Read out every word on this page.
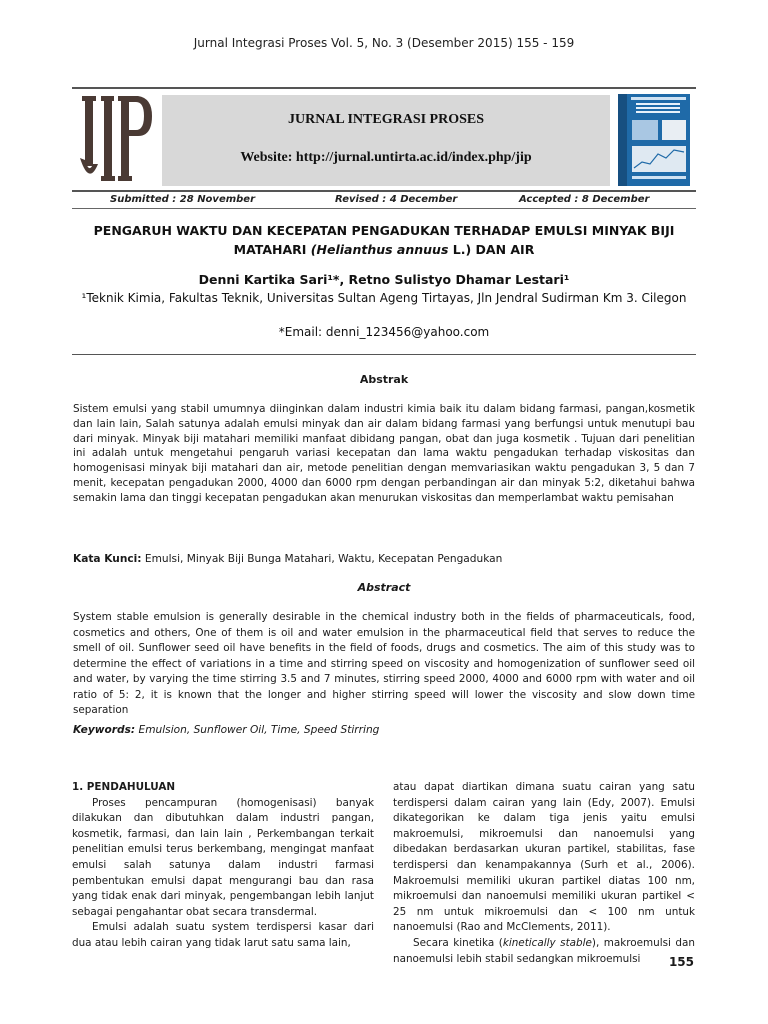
Jurnal Integrasi Proses Vol. 5, No. 3 (Desember 2015) 155 - 159
JURNAL INTEGRASI PROSES
Website: http://jurnal.untirta.ac.id/index.php/jip
Submitted : 28 November	Revised : 4 December	Accepted : 8 December
PENGARUH WAKTU DAN KECEPATAN PENGADUKAN TERHADAP EMULSI MINYAK BIJI
MATAHARI (Helianthus annuus L.) DAN AIR
Denni Kartika Sari¹*, Retno Sulistyo Dhamar Lestari¹
¹Teknik Kimia, Fakultas Teknik, Universitas Sultan Ageng Tirtayas, Jln Jendral Sudirman Km 3. Cilegon
*Email: denni_123456@yahoo.com
Abstrak
Sistem emulsi yang stabil umumnya diinginkan dalam industri kimia baik itu dalam bidang farmasi, pangan,kosmetik dan lain lain, Salah satunya adalah emulsi minyak dan air dalam bidang farmasi yang berfungsi untuk menutupi bau dari minyak. Minyak biji matahari memiliki manfaat dibidang pangan, obat dan juga kosmetik . Tujuan dari penelitian ini adalah untuk mengetahui pengaruh variasi kecepatan dan lama waktu pengadukan terhadap viskositas dan homogenisasi minyak biji matahari dan air, metode penelitian dengan memvariasikan waktu pengadukan 3, 5 dan 7 menit, kecepatan pengadukan 2000, 4000 dan 6000 rpm dengan perbandingan air dan minyak 5:2, diketahui bahwa semakin lama dan tinggi kecepatan pengadukan akan menurukan viskositas dan memperlambat waktu pemisahan
Kata Kunci: Emulsi, Minyak Biji Bunga Matahari, Waktu, Kecepatan Pengadukan
Abstract
System stable emulsion is generally desirable in the chemical industry both in the fields of pharmaceuticals, food, cosmetics and others, One of them is oil and water emulsion in the pharmaceutical field that serves to reduce the smell of oil. Sunflower seed oil have benefits in the field of foods, drugs and cosmetics. The aim of this study was to determine the effect of variations in a time and stirring speed on viscosity and homogenization of sunflower seed oil and water, by varying the time stirring 3.5 and 7 minutes, stirring speed 2000, 4000 and 6000 rpm with water and oil ratio of 5: 2, it is known that the longer and higher stirring speed will lower the viscosity and slow down time separation
Keywords: Emulsion, Sunflower Oil, Time, Speed Stirring
1. PENDAHULUAN

Proses pencampuran (homogenisasi) banyak dilakukan dan dibutuhkan dalam industri pangan, kosmetik, farmasi, dan lain lain , Perkembangan terkait penelitian emulsi terus berkembang, mengingat manfaat emulsi salah satunya dalam industri farmasi pembentukan emulsi dapat mengurangi bau dan rasa yang tidak enak dari minyak, pengembangan lebih lanjut sebagai pengahantar obat secara transdermal.

Emulsi adalah suatu system terdispersi kasar dari dua atau lebih cairan yang tidak larut satu sama lain,

atau dapat diartikan dimana suatu cairan yang satu terdispersi dalam cairan yang lain (Edy, 2007). Emulsi dikategorikan ke dalam tiga jenis yaitu emulsi makroemulsi, mikroemulsi dan nanoemulsi yang dibedakan berdasarkan ukuran partikel, stabilitas, fase terdispersi dan kenampakannya (Surh et al., 2006). Makroemulsi memiliki ukuran partikel diatas 100 nm, mikroemulsi dan nanoemulsi memiliki ukuran partikel < 25 nm untuk mikroemulsi dan < 100 nm untuk nanoemulsi (Rao and McClements, 2011).

Secara kinetika (kinetically stable), makroemulsi dan nanoemulsi lebih stabil sedangkan mikroemulsi	155
